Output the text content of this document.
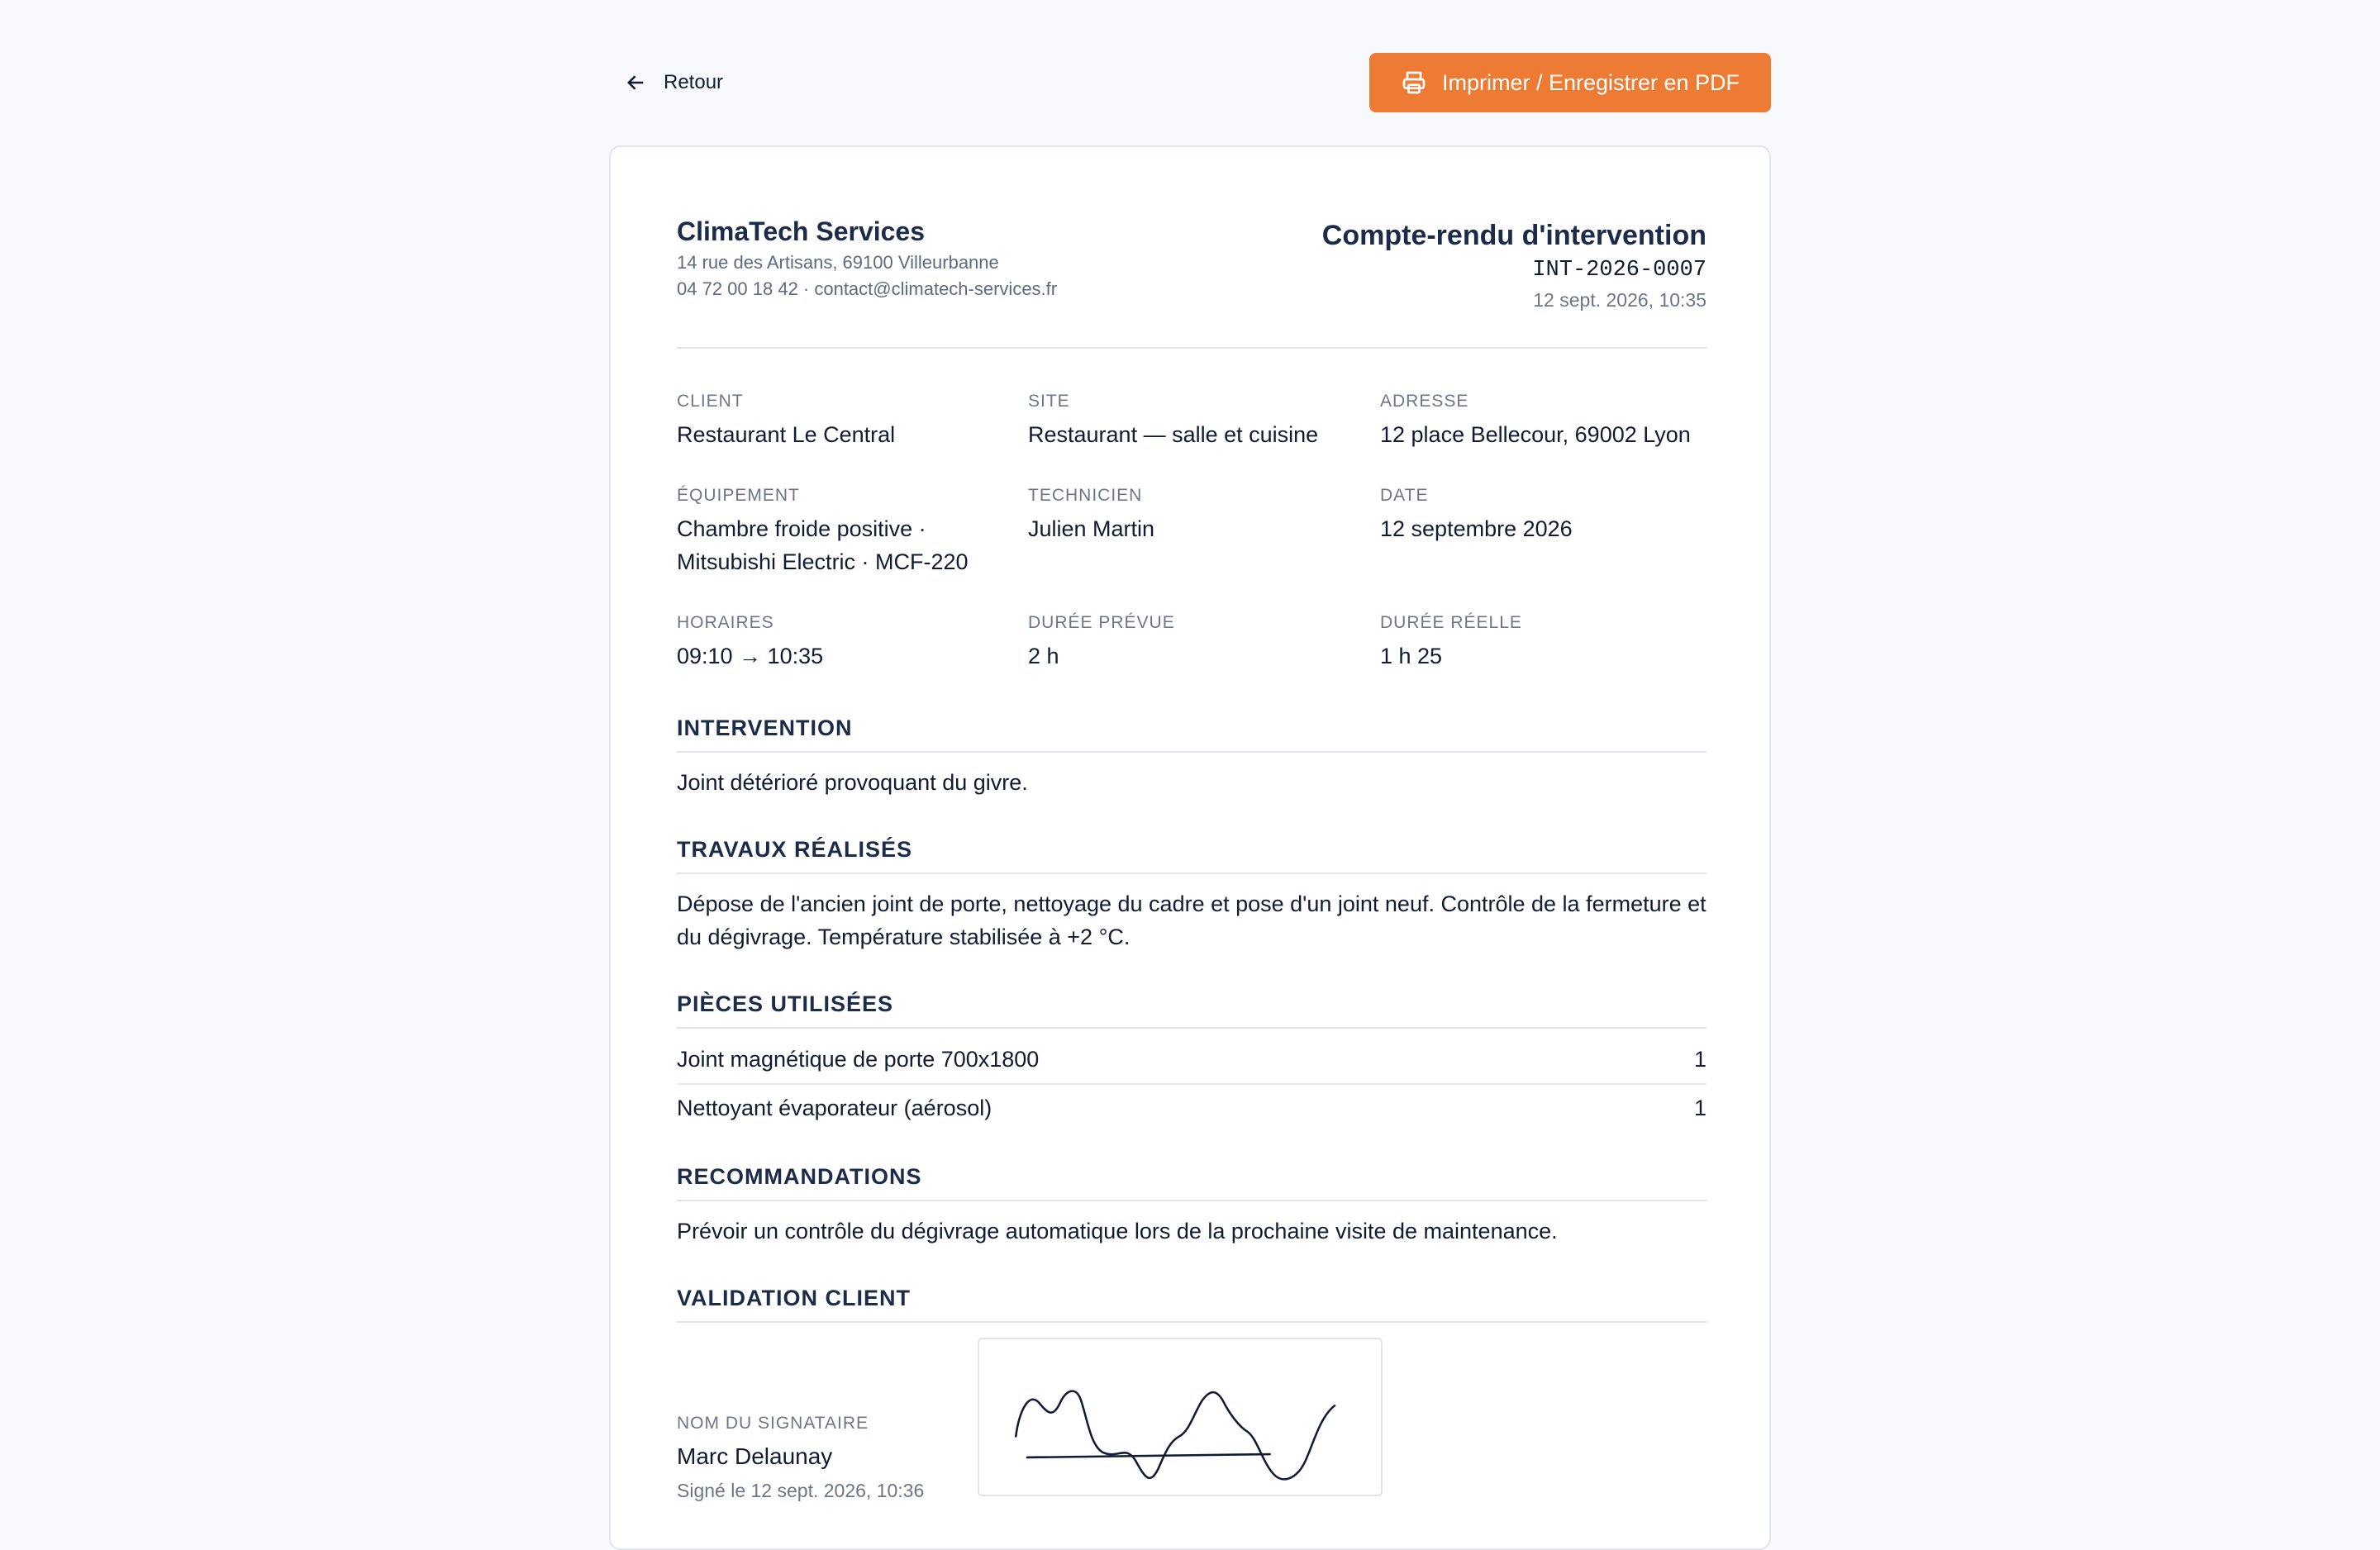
Retour	Imprimer / Enregistrer en PDF
ClimaTech Services
14 rue des Artisans, 69100 Villeurbanne
04 72 00 18 42 · contact@climatech-services.fr
Compte-rendu d'intervention
INT-2026-0007
12 sept. 2026, 10:35
CLIENT
Restaurant Le Central
SITE
Restaurant — salle et cuisine
ADRESSE
12 place Bellecour, 69002 Lyon
ÉQUIPEMENT
Chambre froide positive · Mitsubishi Electric · MCF-220
TECHNICIEN
Julien Martin
DATE
12 septembre 2026
HORAIRES
09:10 → 10:35
DURÉE PRÉVUE
2 h
DURÉE RÉELLE
1 h 25
INTERVENTION
Joint détérioré provoquant du givre.
TRAVAUX RÉALISÉS
Dépose de l'ancien joint de porte, nettoyage du cadre et pose d'un joint neuf. Contrôle de la fermeture et du dégivrage. Température stabilisée à +2 °C.
PIÈCES UTILISÉES
Joint magnétique de porte 700x1800	1
Nettoyant évaporateur (aérosol)	1
RECOMMANDATIONS
Prévoir un contrôle du dégivrage automatique lors de la prochaine visite de maintenance.
VALIDATION CLIENT
NOM DU SIGNATAIRE
Marc Delaunay
Signé le 12 sept. 2026, 10:36
